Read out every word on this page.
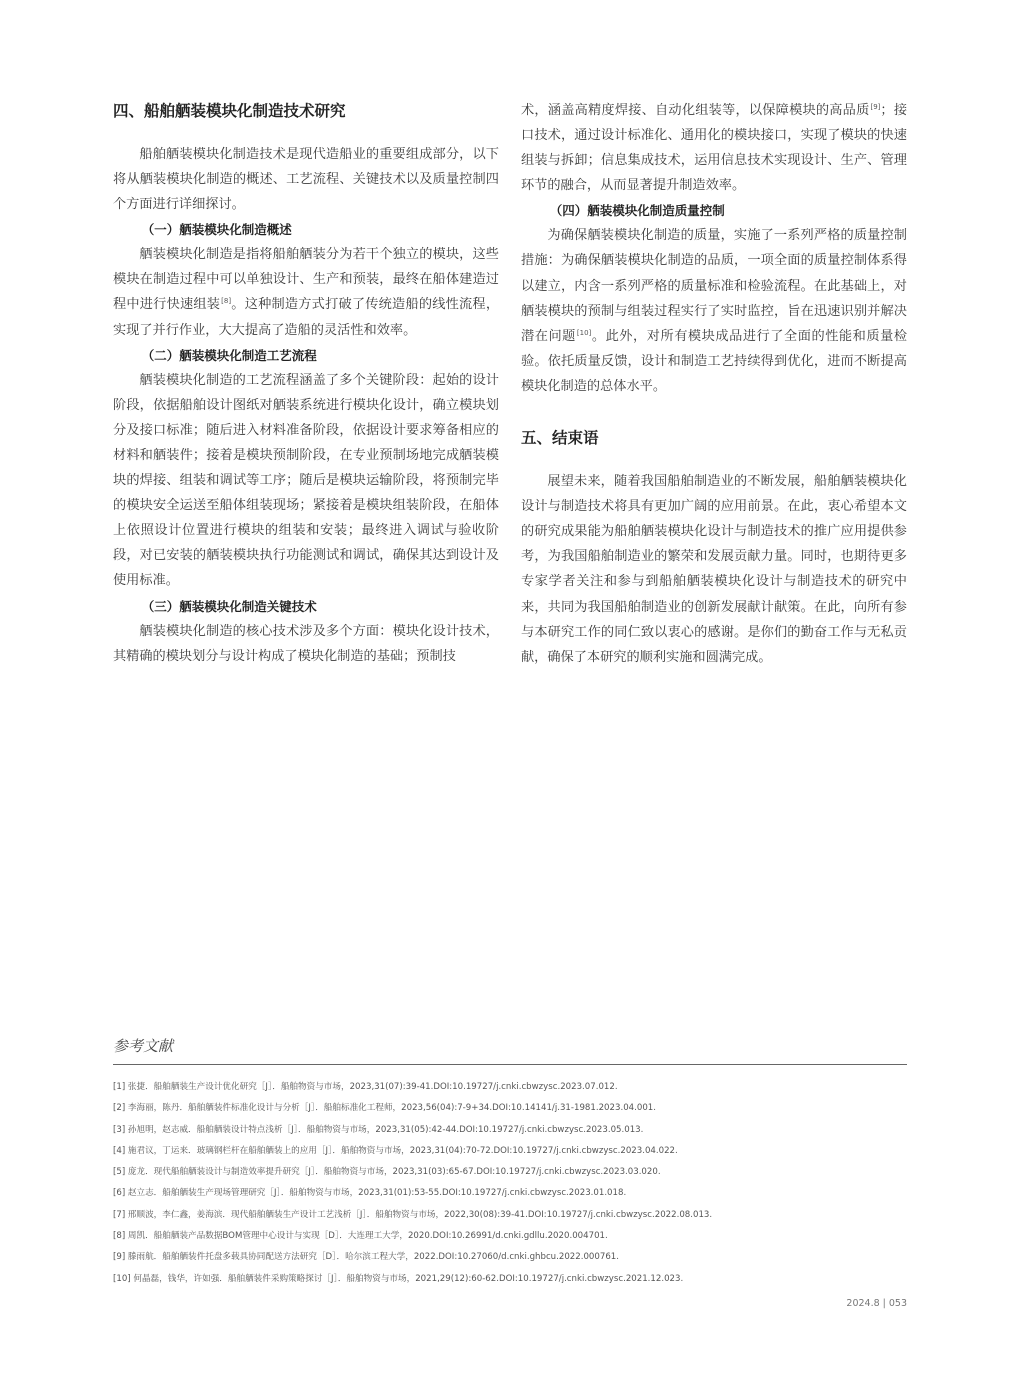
四、船舶舾装模块化制造技术研究

船舶舾装模块化制造技术是现代造船业的重要组成部分，以下将从舾装模块化制造的概述、工艺流程、关键技术以及质量控制四个方面进行详细探讨。

（一）舾装模块化制造概述

舾装模块化制造是指将船舶舾装分为若干个独立的模块，这些模块在制造过程中可以单独设计、生产和预装，最终在船体建造过程中进行快速组装[8]。这种制造方式打破了传统造船的线性流程，实现了并行作业，大大提高了造船的灵活性和效率。

（二）舾装模块化制造工艺流程

舾装模块化制造的工艺流程涵盖了多个关键阶段：起始的设计阶段，依据船舶设计图纸对舾装系统进行模块化设计，确立模块划分及接口标准；随后进入材料准备阶段，依据设计要求筹备相应的材料和舾装件；接着是模块预制阶段，在专业预制场地完成舾装模块的焊接、组装和调试等工序；随后是模块运输阶段，将预制完毕的模块安全运送至船体组装现场；紧接着是模块组装阶段，在船体上依照设计位置进行模块的组装和安装；最终进入调试与验收阶段，对已安装的舾装模块执行功能测试和调试，确保其达到设计及使用标准。

（三）舾装模块化制造关键技术

舾装模块化制造的核心技术涉及多个方面：模块化设计技术，其精确的模块划分与设计构成了模块化制造的基础；预制技

术，涵盖高精度焊接、自动化组装等，以保障模块的高品质[9]；接口技术，通过设计标准化、通用化的模块接口，实现了模块的快速组装与拆卸；信息集成技术，运用信息技术实现设计、生产、管理环节的融合，从而显著提升制造效率。

（四）舾装模块化制造质量控制

为确保舾装模块化制造的质量，实施了一系列严格的质量控制措施：为确保舾装模块化制造的品质，一项全面的质量控制体系得以建立，内含一系列严格的质量标准和检验流程。在此基础上，对舾装模块的预制与组装过程实行了实时监控，旨在迅速识别并解决潜在问题[10]。此外，对所有模块成品进行了全面的性能和质量检验。依托质量反馈，设计和制造工艺持续得到优化，进而不断提高模块化制造的总体水平。

五、结束语

展望未来，随着我国船舶制造业的不断发展，船舶舾装模块化设计与制造技术将具有更加广阔的应用前景。在此，衷心希望本文的研究成果能为船舶舾装模块化设计与制造技术的推广应用提供参考，为我国船舶制造业的繁荣和发展贡献力量。同时，也期待更多专家学者关注和参与到船舶舾装模块化设计与制造技术的研究中来，共同为我国船舶制造业的创新发展献计献策。在此，向所有参与本研究工作的同仁致以衷心的感谢。是你们的勤奋工作与无私贡献，确保了本研究的顺利实施和圆满完成。

参考文献
[1] 张捷．船舶舾装生产设计优化研究［J］．船舶物资与市场，2023,31(07):39-41.DOI:10.19727/j.cnki.cbwzysc.2023.07.012.
[2] 李海丽，陈丹．船舶舾装件标准化设计与分析［J］．船舶标准化工程师，2023,56(04):7-9+34.DOI:10.14141/j.31-1981.2023.04.001.
[3] 孙旭明，赵志威．船舶舾装设计特点浅析［J］．船舶物资与市场，2023,31(05):42-44.DOI:10.19727/j.cnki.cbwzysc.2023.05.013.
[4] 施君议，丁运来．玻璃钢栏杆在船舶舾装上的应用［J］．船舶物资与市场，2023,31(04):70-72.DOI:10.19727/j.cnki.cbwzysc.2023.04.022.
[5] 庞龙．现代船舶舾装设计与制造效率提升研究［J］．船舶物资与市场，2023,31(03):65-67.DOI:10.19727/j.cnki.cbwzysc.2023.03.020.
[6] 赵立志．船舶舾装生产现场管理研究［J］．船舶物资与市场，2023,31(01):53-55.DOI:10.19727/j.cnki.cbwzysc.2023.01.018.
[7] 邢顺波，李仁鑫，姜海滨．现代船舶舾装生产设计工艺浅析［J］．船舶物资与市场，2022,30(08):39-41.DOI:10.19727/j.cnki.cbwzysc.2022.08.013.
[8] 周凯．船舶舾装产品数据BOM管理中心设计与实现［D］．大连理工大学，2020.DOI:10.26991/d.cnki.gdllu.2020.004701.
[9] 滕雨航．船舶舾装件托盘多载具协同配送方法研究［D］．哈尔滨工程大学，2022.DOI:10.27060/d.cnki.ghbcu.2022.000761.
[10] 何晶磊，钱华，许如强．船舶舾装件采购策略探讨［J］．船舶物资与市场，2021,29(12):60-62.DOI:10.19727/j.cnki.cbwzysc.2021.12.023.
2024.8 | 053
